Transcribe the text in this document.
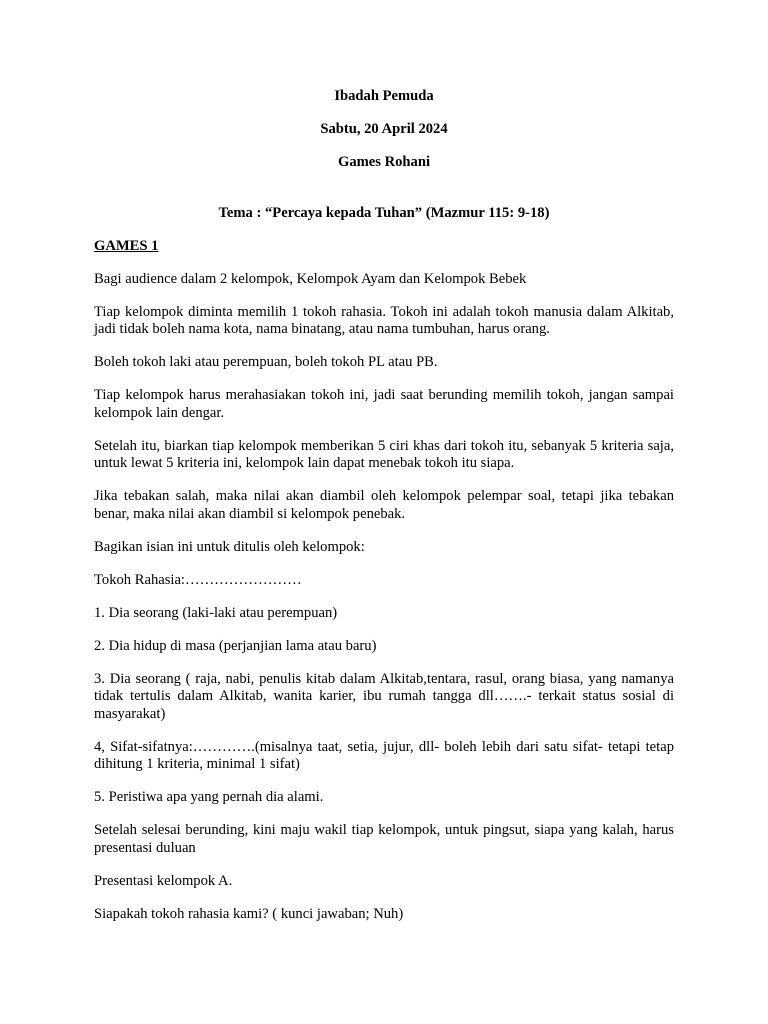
Ibadah Pemuda

Sabtu, 20 April 2024

Games Rohani

Tema : “Percaya kepada Tuhan” (Mazmur 115: 9-18)

GAMES 1

Bagi audience dalam 2 kelompok, Kelompok Ayam dan Kelompok Bebek

Tiap kelompok diminta memilih 1 tokoh rahasia. Tokoh ini adalah tokoh manusia dalam Alkitab, jadi tidak boleh nama kota, nama binatang, atau nama tumbuhan, harus orang.

Boleh tokoh laki atau perempuan, boleh tokoh PL atau PB.

Tiap kelompok harus merahasiakan tokoh ini, jadi saat berunding memilih tokoh, jangan sampai kelompok lain dengar.

Setelah itu, biarkan tiap kelompok memberikan 5 ciri khas dari tokoh itu, sebanyak 5 kriteria saja, untuk lewat 5 kriteria ini, kelompok lain dapat menebak tokoh itu siapa.

Jika tebakan salah, maka nilai akan diambil oleh kelompok pelempar soal, tetapi jika tebakan benar, maka nilai akan diambil si kelompok penebak.

Bagikan isian ini untuk ditulis oleh kelompok:

Tokoh Rahasia:……………………

1. Dia seorang (laki-laki atau perempuan)

2. Dia hidup di masa (perjanjian lama atau baru)

3. Dia seorang ( raja, nabi, penulis kitab dalam Alkitab,tentara, rasul, orang biasa, yang namanya tidak tertulis dalam Alkitab, wanita karier, ibu rumah tangga dll…….- terkait status sosial di masyarakat)

4, Sifat-sifatnya:………….(misalnya taat, setia, jujur, dll- boleh lebih dari satu sifat- tetapi tetap dihitung 1 kriteria, minimal 1 sifat)

5. Peristiwa apa yang pernah dia alami.

Setelah selesai berunding, kini maju wakil tiap kelompok, untuk pingsut, siapa yang kalah, harus presentasi duluan

Presentasi kelompok A.

Siapakah tokoh rahasia kami? ( kunci jawaban; Nuh)
